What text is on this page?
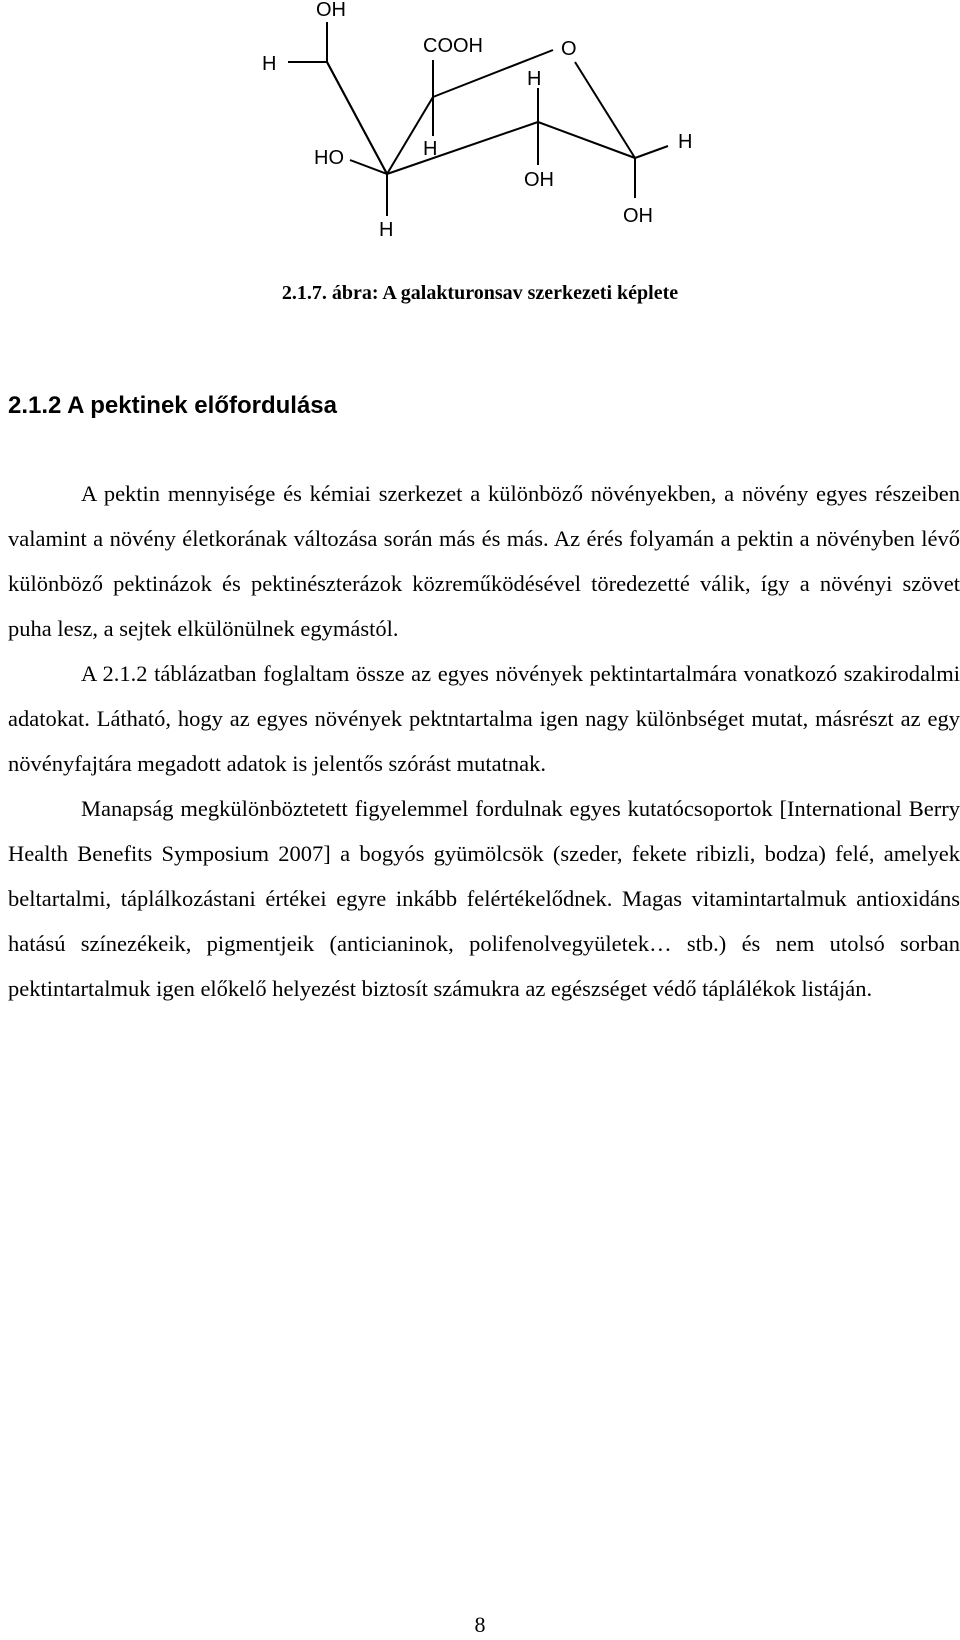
OH
H
COOH	O
H
HO	H	H
OH
H
OH
2.1.7. ábra: A galakturonsav szerkezeti képlete
2.1.2 A pektinek előfordulása

A pektin mennyisége és kémiai szerkezet a különböző növényekben, a növény egyes részeiben valamint a növény életkorának változása során más és más. Az érés folyamán a pektin a növényben lévő különböző pektinázok és pektinészterázok közreműködésével töredezetté válik, így a növényi szövet puha lesz, a sejtek elkülönülnek egymástól.

A 2.1.2 táblázatban foglaltam össze az egyes növények pektintartalmára vonatkozó szakirodalmi adatokat. Látható, hogy az egyes növények pektntartalma igen nagy különbséget mutat, másrészt az egy növényfajtára megadott adatok is jelentős szórást mutatnak.

Manapság megkülönböztetett figyelemmel fordulnak egyes kutatócsoportok [International Berry Health Benefits Symposium 2007] a bogyós gyümölcsök (szeder, fekete ribizli, bodza) felé, amelyek beltartalmi, táplálkozástani értékei egyre inkább felértékelődnek. Magas vitamintartalmuk antioxidáns hatású színezékeik, pigmentjeik (anticianinok, polifenolvegyületek… stb.) és nem utolsó sorban pektintartalmuk igen előkelő helyezést biztosít számukra az egészséget védő táplálékok listáján.

8
